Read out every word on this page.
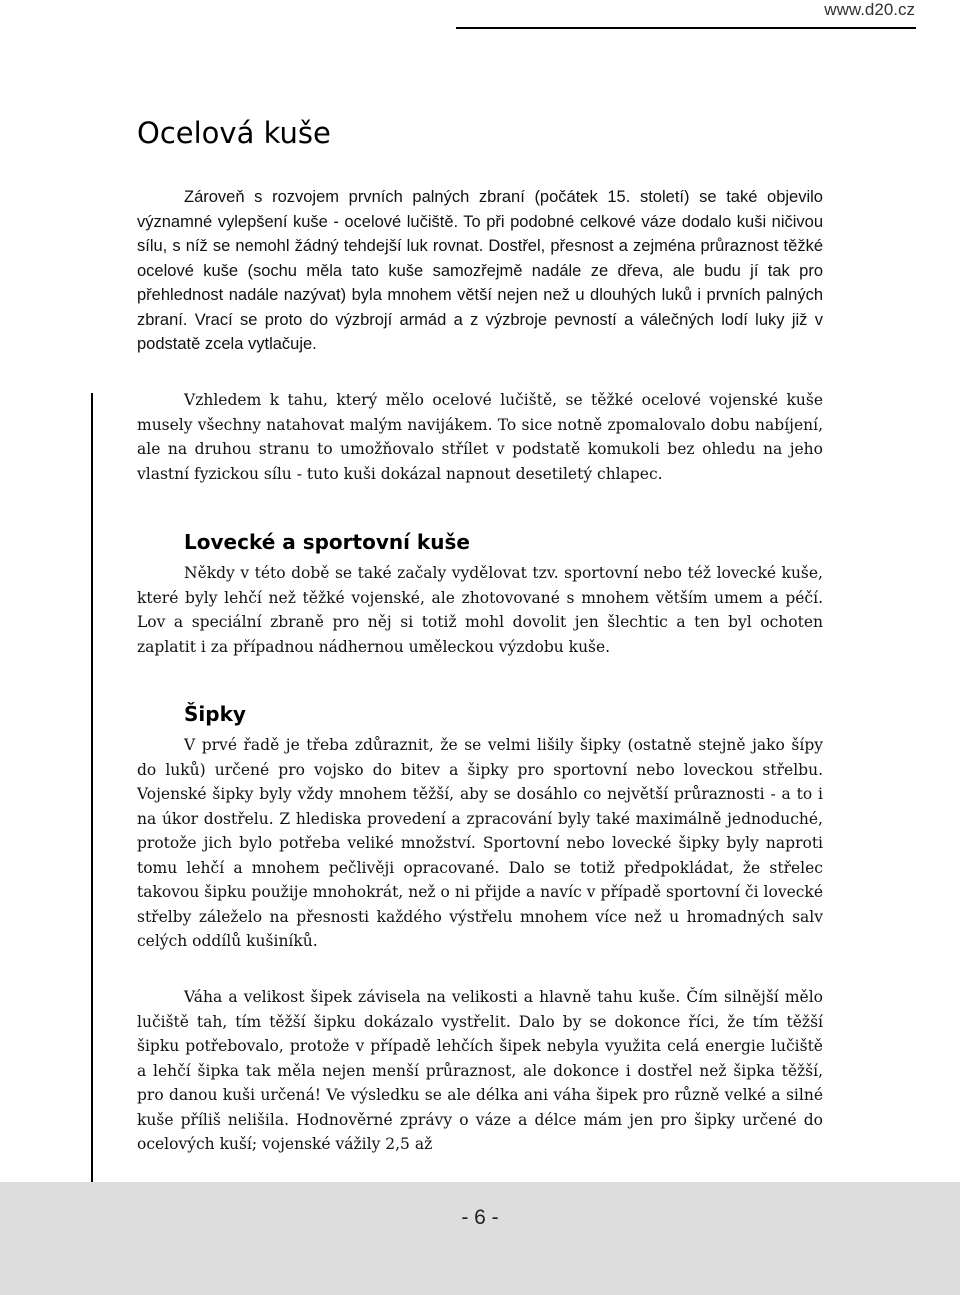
www.d20.cz
Ocelová kuše

Zároveň s rozvojem prvních palných zbraní (počátek 15. století) se také objevilo významné vylepšení kuše - ocelové lučiště. To při podobné celkové váze dodalo kuši ničivou sílu, s níž se nemohl žádný tehdejší luk rovnat. Dostřel, přesnost a zejména průraznost těžké ocelové kuše (sochu měla tato kuše samozřejmě nadále ze dřeva, ale budu jí tak pro přehlednost nadále nazývat) byla mnohem větší nejen než u dlouhých luků i prvních palných zbraní. Vrací se proto do výzbrojí armád a z výzbroje pevností a válečných lodí luky již v podstatě zcela vytlačuje.

Vzhledem k tahu, který mělo ocelové lučiště, se těžké ocelové vojenské kuše musely všechny natahovat malým navijákem. To sice notně zpomalovalo dobu nabíjení, ale na druhou stranu to umožňovalo střílet v podstatě komukoli bez ohledu na jeho vlastní fyzickou sílu - tuto kuši dokázal napnout desetiletý chlapec.

Lovecké a sportovní kuše

Někdy v této době se také začaly vydělovat tzv. sportovní nebo též lovecké kuše, které byly lehčí než těžké vojenské, ale zhotovované s mnohem větším umem a péčí. Lov a speciální zbraně pro něj si totiž mohl dovolit jen šlechtic a ten byl ochoten zaplatit i za případnou nádhernou uměleckou výzdobu kuše.

Šipky

V prvé řadě je třeba zdůraznit, že se velmi lišily šipky (ostatně stejně jako šípy do luků) určené pro vojsko do bitev a šipky pro sportovní nebo loveckou střelbu. Vojenské šipky byly vždy mnohem těžší, aby se dosáhlo co největší průraznosti - a to i na úkor dostřelu. Z hlediska provedení a zpracování byly také maximálně jednoduché, protože jich bylo potřeba veliké množství. Sportovní nebo lovecké šipky byly naproti tomu lehčí a mnohem pečlivěji opracované. Dalo se totiž předpokládat, že střelec takovou šipku použije mnohokrát, než o ni přijde a navíc v případě sportovní či lovecké střelby záleželo na přesnosti každého výstřelu mnohem více než u hromadných salv celých oddílů kušiníků.

Váha a velikost šipek závisela na velikosti a hlavně tahu kuše. Čím silnější mělo lučiště tah, tím těžší šipku dokázalo vystřelit. Dalo by se dokonce říci, že tím těžší šipku potřebovalo, protože v případě lehčích šipek nebyla využita celá energie lučiště a lehčí šipka tak měla nejen menší průraznost, ale dokonce i dostřel než šipka těžší, pro danou kuši určená! Ve výsledku se ale délka ani váha šipek pro různě velké a silné kuše příliš nelišila. Hodnověrné zprávy o váze a délce mám jen pro šipky určené do ocelových kuší; vojenské vážily 2,5 až

- 6 -
